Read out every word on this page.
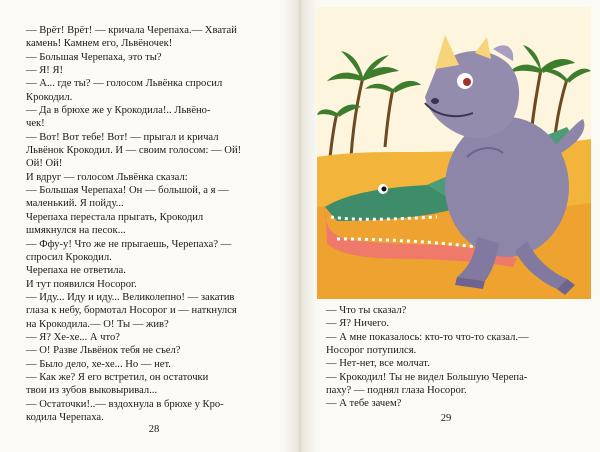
— Врёт! Врёт! — кричала Черепаха.— Хватай
камень! Камнем его, Львёночек!
— Большая Черепаха, это ты?
— Я! Я!
— А... где ты? — голосом Львёнка спросил
Крокодил.
— Да в брюхе же у Крокодила!.. Львёно-
чек!
— Вот! Вот тебе! Вот! — прыгал и кричал
Львёнок Крокодил. И — своим голосом: — Ой!
Ой! Ой!
И вдруг — голосом Львёнка сказал:
— Большая Черепаха! Он — большой, а я —
маленький. Я пойду...
Черепаха перестала прыгать, Крокодил
шмякнулся на песок...
— Ффу-у! Что же не прыгаешь, Черепаха? —
спросил Крокодил.
Черепаха не ответила.
И тут появился Носорог.
— Иду... Иду и иду... Великолепно! — закатив
глаза к небу, бормотал Носорог и — наткнулся
на Крокодила.— О! Ты — жив?
— Я? Хе-хе... А что?
— О! Разве Львёнок тебя не съел?
— Было дело, хе-хе... Но — нет.
— Как же? Я его встретил, он остаточки
твои из зубов выковыривал...
— Остаточки!..— вздохнула в брюхе у Кро-
кодила Черепаха.
28
— Что ты сказал?
— Я? Ничего.
— А мне показалось: кто-то что-то сказал.—
Носорог потупился.
— Нет-нет, все молчат.
— Крокодил! Ты не видел Большую Черепа-
паху? — поднял глаза Носорог.
— А тебе зачем?
29
